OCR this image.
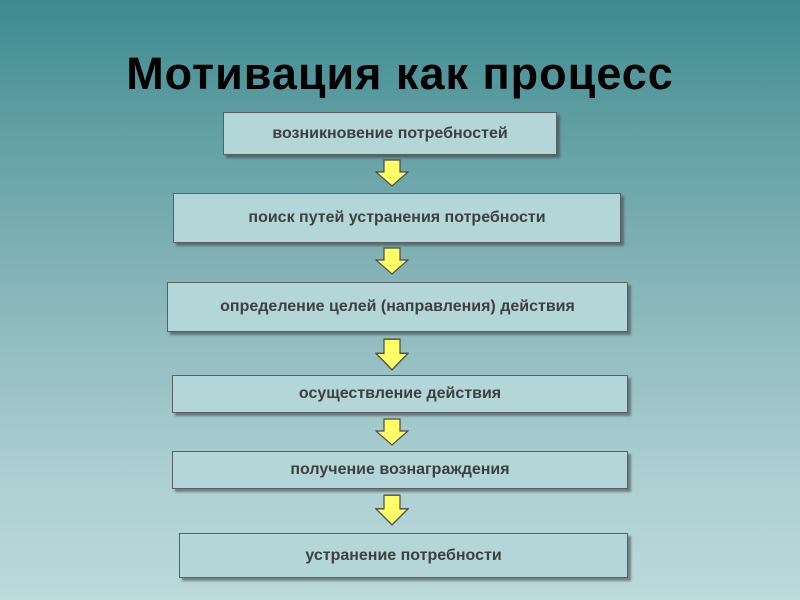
Мотивация как процесс
возникновение потребностей
поиск путей устранения потребности
определение целей (направления) действия
осуществление действия
получение вознаграждения
устранение потребности
